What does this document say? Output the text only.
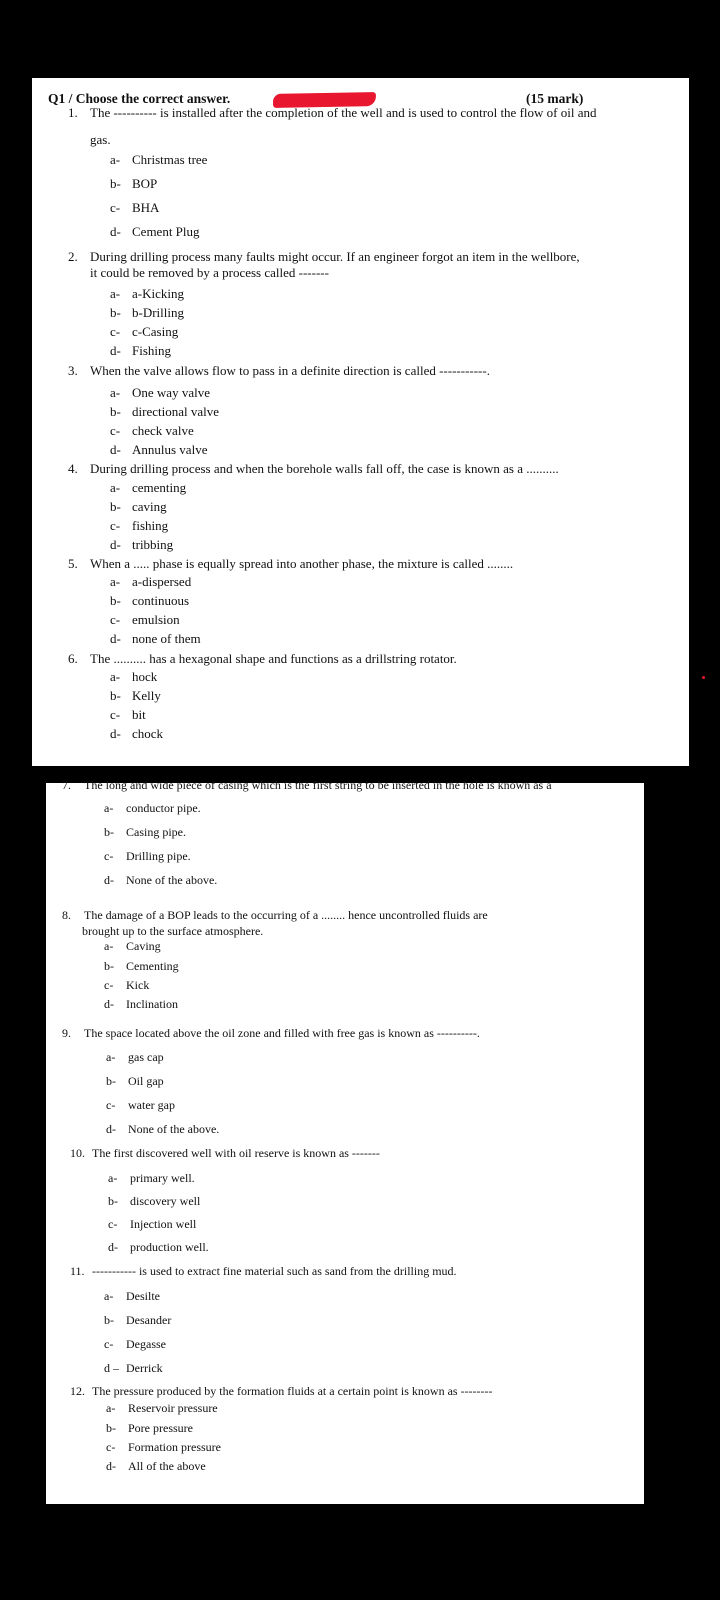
Q1 / Choose the correct answer.	(15 mark)
1. The ---------- is installed after the completion of the well and is used to control the flow of oil and
gas.
a- Christmas tree
b- BOP
c- BHA
d- Cement Plug
2. During drilling process many faults might occur. If an engineer forgot an item in the wellbore,
it could be removed by a process called -------
a- a-Kicking
b- b-Drilling
c- c-Casing
d- Fishing
3. When the valve allows flow to pass in a definite direction is called -----------.
a- One way valve
b- directional valve
c- check valve
d- Annulus valve
4. During drilling process and when the borehole walls fall off, the case is known as a ..........
a- cementing
b- caving
c- fishing
d- tribbing
5. When a ..... phase is equally spread into another phase, the mixture is called ........
a- a-dispersed
b- continuous
c- emulsion
d- none of them
6. The .......... has a hexagonal shape and functions as a drillstring rotator.
a- hock
b- Kelly
c- bit
d- chock
7. The long and wide piece of casing which is the first string to be inserted in the hole is known as a
a- conductor pipe.
b- Casing pipe.
c- Drilling pipe.
d- None of the above.
8. The damage of a BOP leads to the occurring of a ........ hence uncontrolled fluids are
brought up to the surface atmosphere.
a- Caving
b- Cementing
c- Kick
d- Inclination
9. The space located above the oil zone and filled with free gas is known as ----------.
a- gas cap
b- Oil gap
c- water gap
d- None of the above.
10. The first discovered well with oil reserve is known as -------
a- primary well.
b- discovery well
c- Injection well
d- production well.
11. ----------- is used to extract fine material such as sand from the drilling mud.
a- Desilte
b- Desander
c- Degasse
d – Derrick
12. The pressure produced by the formation fluids at a certain point is known as --------
a- Reservoir pressure
b- Pore pressure
c- Formation pressure
d- All of the above
